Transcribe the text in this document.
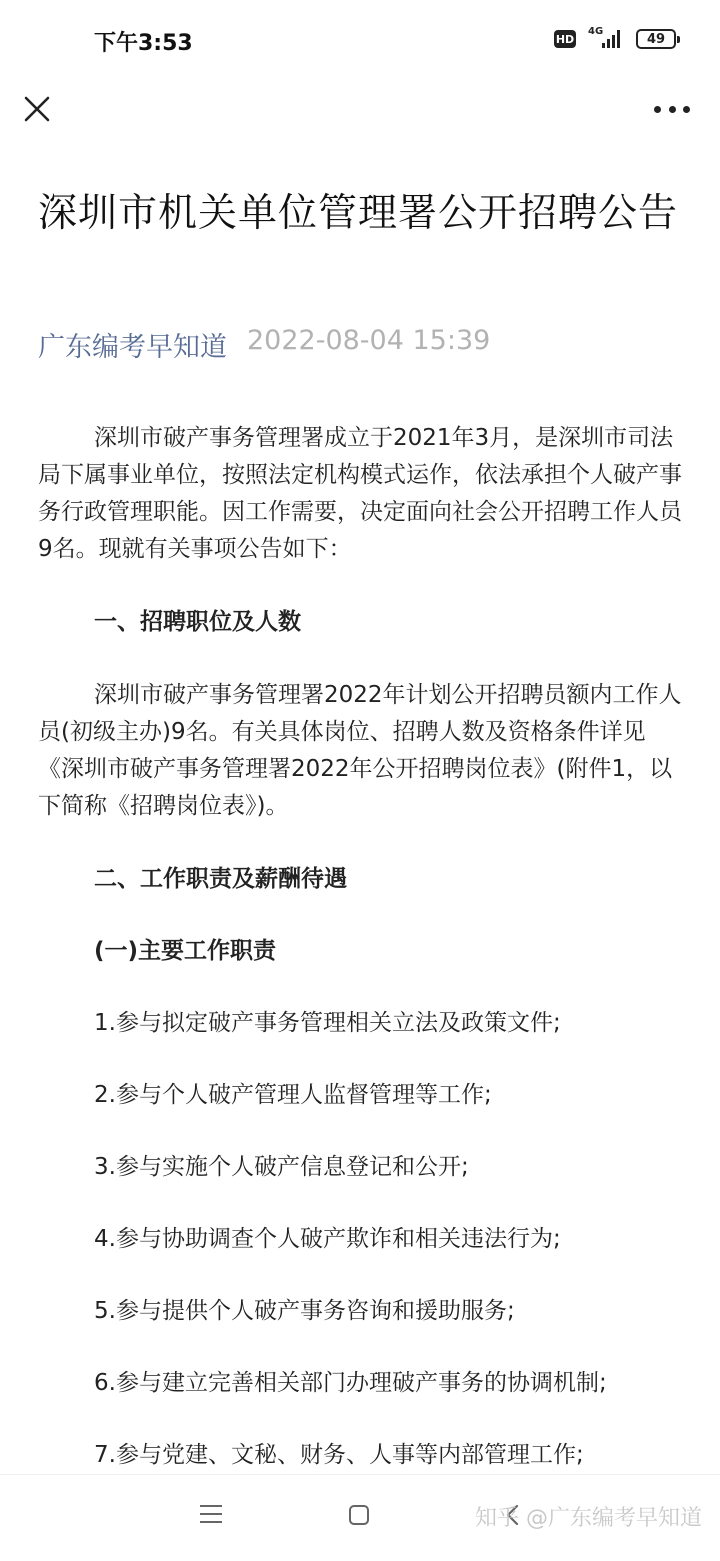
下午3:53	HD
4G	49
深圳市机关单位管理署公开招聘公告
广东编考早知道 2022-08-04 15:39

深圳市破产事务管理署成立于2021年3月，是深圳市司法局下属事业单位，按照法定机构模式运作，依法承担个人破产事务行政管理职能。因工作需要，决定面向社会公开招聘工作人员9名。现就有关事项公告如下：

一、招聘职位及人数

深圳市破产事务管理署2022年计划公开招聘员额内工作人员(初级主办)9名。有关具体岗位、招聘人数及资格条件详见《深圳市破产事务管理署2022年公开招聘岗位表》(附件1，以下简称《招聘岗位表》)。

二、工作职责及薪酬待遇

(一)主要工作职责

1.参与拟定破产事务管理相关立法及政策文件;

2.参与个人破产管理人监督管理等工作;

3.参与实施个人破产信息登记和公开;

4.参与协助调查个人破产欺诈和相关违法行为;

5.参与提供个人破产事务咨询和援助服务;

6.参与建立完善相关部门办理破产事务的协调机制;

7.参与党建、文秘、财务、人事等内部管理工作;

知乎 @广东编考早知道
